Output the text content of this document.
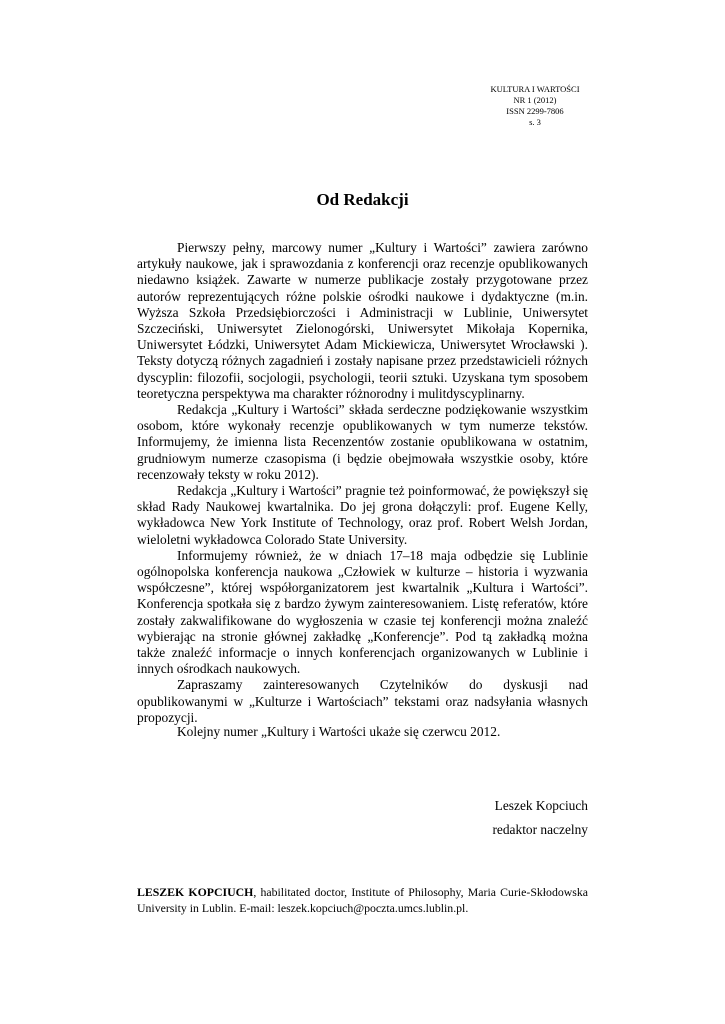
KULTURA I WARTOŚCI
NR 1 (2012)
ISSN 2299-7806
s. 3
Od Redakcji

Pierwszy pełny, marcowy numer „Kultury i Wartości” zawiera zarówno artykuły naukowe, jak i sprawozdania z konferencji oraz recenzje opublikowanych niedawno książek. Zawarte w numerze publikacje zostały przygotowane przez autorów reprezentujących różne polskie ośrodki naukowe i dydaktyczne (m.in. Wyższa Szkoła Przedsiębiorczości i Administracji w Lublinie, Uniwersytet Szczeciński, Uniwersytet Zielonogórski, Uniwersytet Mikołaja Kopernika, Uniwersytet Łódzki, Uniwersytet Adam Mickiewicza, Uniwersytet Wrocławski ). Teksty dotyczą różnych zagadnień i zostały napisane przez przedstawicieli różnych dyscyplin: filozofii, socjologii, psychologii, teorii sztuki. Uzyskana tym sposobem teoretyczna perspektywa ma charakter różnorodny i mulitdyscyplinarny.

Redakcja „Kultury i Wartości” składa serdeczne podziękowanie wszystkim osobom, które wykonały recenzje opublikowanych w tym numerze tekstów. Informujemy, że imienna lista Recenzentów zostanie opublikowana w ostatnim, grudniowym numerze czasopisma (i będzie obejmowała wszystkie osoby, które recenzowały teksty w roku 2012).

Redakcja „Kultury i Wartości” pragnie też poinformować, że powiększył się skład Rady Naukowej kwartalnika. Do jej grona dołączyli: prof. Eugene Kelly, wykładowca New York Institute of Technology, oraz prof. Robert Welsh Jordan, wieloletni wykładowca Colorado State University.

Informujemy również, że w dniach 17–18 maja odbędzie się Lublinie ogólnopolska konferencja naukowa „Człowiek w kulturze – historia i wyzwania współczesne”, której współorganizatorem jest kwartalnik „Kultura i Wartości”. Konferencja spotkała się z bardzo żywym zainteresowaniem. Listę referatów, które zostały zakwalifikowane do wygłoszenia w czasie tej konferencji można znaleźć wybierając na stronie głównej zakładkę „Konferencje”. Pod tą zakładką można także znaleźć informacje o innych konferencjach organizowanych w Lublinie i innych ośrodkach naukowych.

Zapraszamy zainteresowanych Czytelników do dyskusji nad opublikowanymi w „Kulturze i Wartościach” tekstami oraz nadsyłania własnych propozycji.

Kolejny numer „Kultury i Wartości ukaże się czerwcu 2012.
Leszek Kopciuch
redaktor naczelny
LESZEK KOPCIUCH, habilitated doctor, Institute of Philosophy, Maria Curie-Skłodowska University in Lublin. E-mail: leszek.kopciuch@poczta.umcs.lublin.pl.
